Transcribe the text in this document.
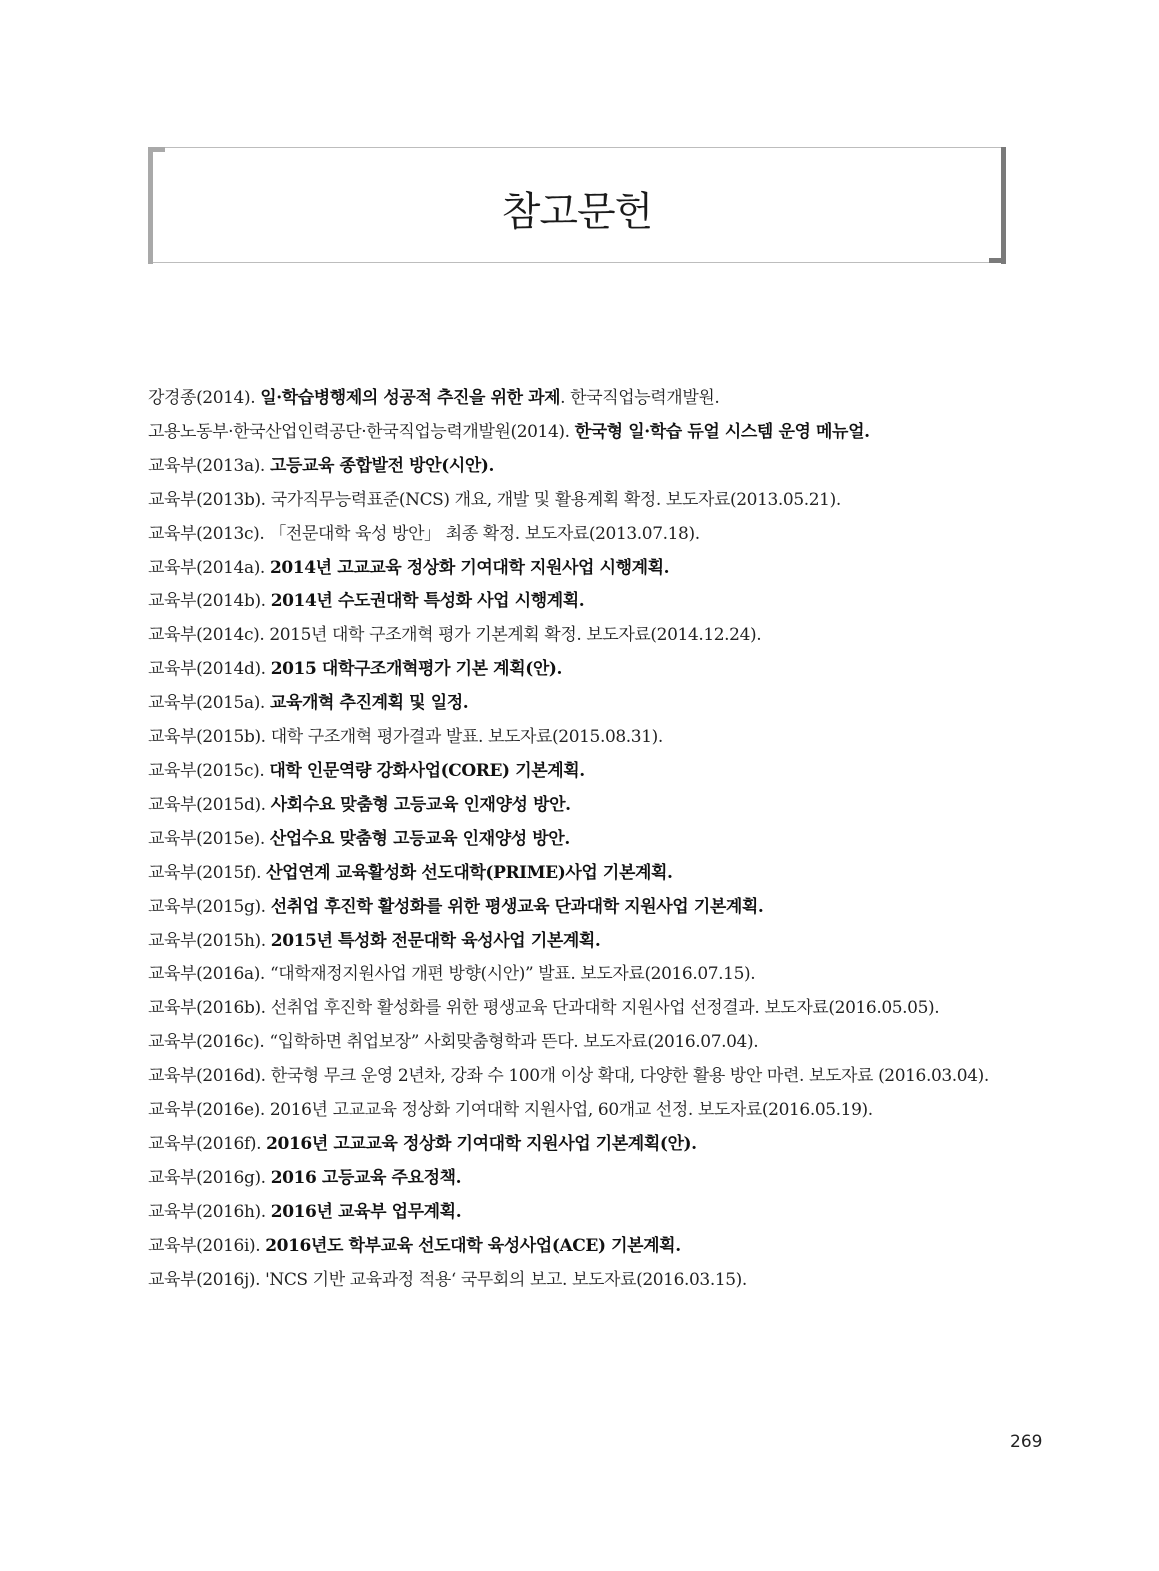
참고문헌
강경종(2014). 일·학습병행제의 성공적 추진을 위한 과제. 한국직업능력개발원.
고용노동부·한국산업인력공단·한국직업능력개발원(2014). 한국형 일·학습 듀얼 시스템 운영 메뉴얼.
교육부(2013a). 고등교육 종합발전 방안(시안).
교육부(2013b). 국가직무능력표준(NCS) 개요, 개발 및 활용계획 확정. 보도자료(2013.05.21).
교육부(2013c). 「전문대학 육성 방안」 최종 확정. 보도자료(2013.07.18).
교육부(2014a). 2014년 고교교육 정상화 기여대학 지원사업 시행계획.
교육부(2014b). 2014년 수도권대학 특성화 사업 시행계획.
교육부(2014c). 2015년 대학 구조개혁 평가 기본계획 확정. 보도자료(2014.12.24).
교육부(2014d). 2015 대학구조개혁평가 기본 계획(안).
교육부(2015a). 교육개혁 추진계획 및 일정.
교육부(2015b). 대학 구조개혁 평가결과 발표. 보도자료(2015.08.31).
교육부(2015c). 대학 인문역량 강화사업(CORE) 기본계획.
교육부(2015d). 사회수요 맞춤형 고등교육 인재양성 방안.
교육부(2015e). 산업수요 맞춤형 고등교육 인재양성 방안.
교육부(2015f). 산업연계 교육활성화 선도대학(PRIME)사업 기본계획.
교육부(2015g). 선취업 후진학 활성화를 위한 평생교육 단과대학 지원사업 기본계획.
교육부(2015h). 2015년 특성화 전문대학 육성사업 기본계획.
교육부(2016a). “대학재정지원사업 개편 방향(시안)” 발표. 보도자료(2016.07.15).
교육부(2016b). 선취업 후진학 활성화를 위한 평생교육 단과대학 지원사업 선정결과. 보도자료(2016.05.05).
교육부(2016c). “입학하면 취업보장” 사회맞춤형학과 뜬다. 보도자료(2016.07.04).
교육부(2016d). 한국형 무크 운영 2년차, 강좌 수 100개 이상 확대, 다양한 활용 방안 마련. 보도자료 (2016.03.04).
교육부(2016e). 2016년 고교교육 정상화 기여대학 지원사업, 60개교 선정. 보도자료(2016.05.19).
교육부(2016f). 2016년 고교교육 정상화 기여대학 지원사업 기본계획(안).
교육부(2016g). 2016 고등교육 주요정책.
교육부(2016h). 2016년 교육부 업무계획.
교육부(2016i). 2016년도 학부교육 선도대학 육성사업(ACE) 기본계획.
교육부(2016j). 'NCS 기반 교육과정 적용‘ 국무회의 보고. 보도자료(2016.03.15).
269
